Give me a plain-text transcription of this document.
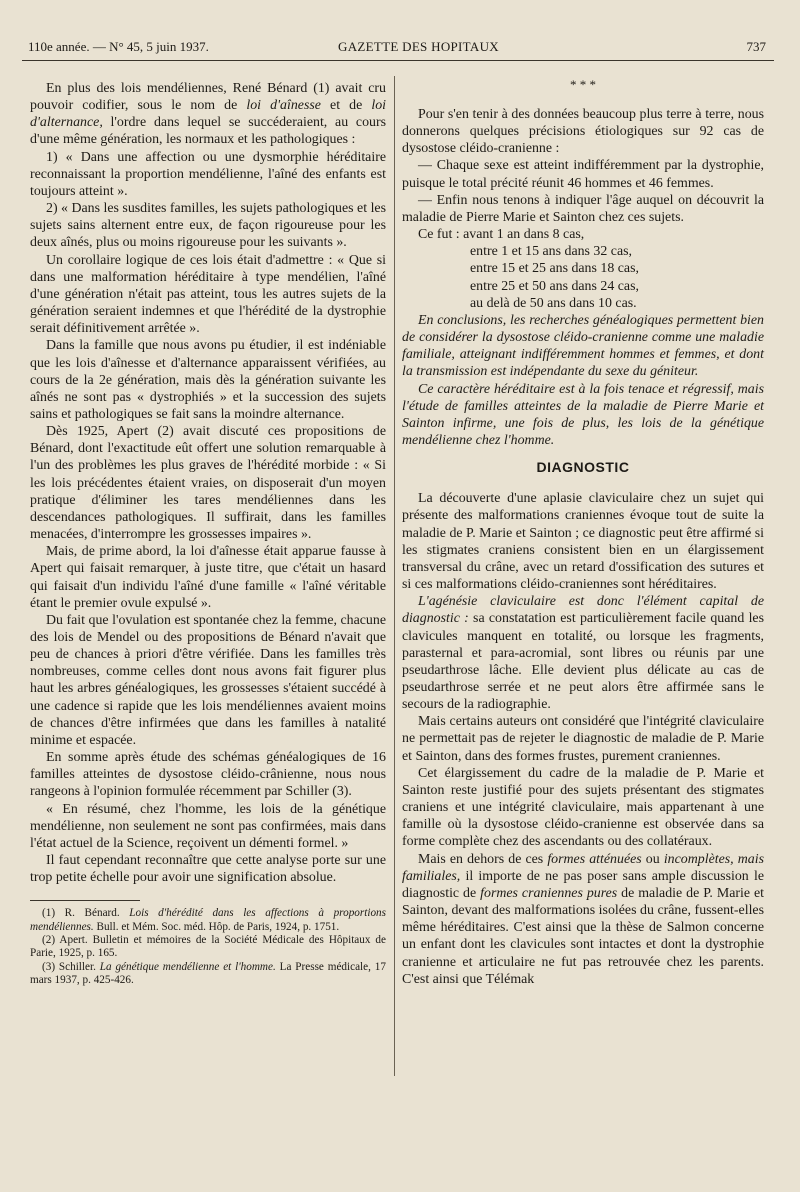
110e année. — N° 45, 5 juin 1937.	GAZETTE DES HOPITAUX	737

En plus des lois mendéliennes, René Bénard (1) avait cru pouvoir codifier, sous le nom de loi d'aînesse et de loi d'alternance, l'ordre dans lequel se succéderaient, au cours d'une même génération, les normaux et les pathologiques :

1) « Dans une affection ou une dysmorphie héréditaire reconnaissant la proportion mendélienne, l'aîné des enfants est toujours atteint ».

2) « Dans les susdites familles, les sujets pathologiques et les sujets sains alternent entre eux, de façon rigoureuse pour les deux aînés, plus ou moins rigoureuse pour les suivants ».

Un corollaire logique de ces lois était d'admettre : « Que si dans une malformation héréditaire à type mendélien, l'aîné d'une génération n'était pas atteint, tous les autres sujets de la génération seraient indemnes et que l'hérédité de la dystrophie serait définitivement arrêtée ».

Dans la famille que nous avons pu étudier, il est indéniable que les lois d'aînesse et d'alternance apparaissent vérifiées, au cours de la 2e génération, mais dès la génération suivante les aînés ne sont pas « dystrophiés » et la succession des sujets sains et pathologiques se fait sans la moindre alternance.

Dès 1925, Apert (2) avait discuté ces propositions de Bénard, dont l'exactitude eût offert une solution remarquable à l'un des problèmes les plus graves de l'hérédité morbide : « Si les lois précédentes étaient vraies, on disposerait d'un moyen pratique d'éliminer les tares mendéliennes dans les descendances pathologiques. Il suffirait, dans les familles menacées, d'interrompre les grossesses impaires ».

Mais, de prime abord, la loi d'aînesse était apparue fausse à Apert qui faisait remarquer, à juste titre, que c'était un hasard qui faisait d'un individu l'aîné d'une famille « l'aîné véritable étant le premier ovule expulsé ».

Du fait que l'ovulation est spontanée chez la femme, chacune des lois de Mendel ou des propositions de Bénard n'avait que peu de chances à priori d'être vérifiée. Dans les familles très nombreuses, comme celles dont nous avons fait figurer plus haut les arbres généalogiques, les grossesses s'étaient succédé à une cadence si rapide que les lois mendéliennes avaient moins de chances d'être infirmées que dans les familles à natalité minime et espacée.

En somme après étude des schémas généalogiques de 16 familles atteintes de dysostose cléido-crânienne, nous nous rangeons à l'opinion formulée récemment par Schiller (3).

« En résumé, chez l'homme, les lois de la génétique mendélienne, non seulement ne sont pas confirmées, mais dans l'état actuel de la Science, reçoivent un démenti formel. »

Il faut cependant reconnaître que cette analyse porte sur une trop petite échelle pour avoir une signification absolue.

(1) R. Bénard. Lois d'hérédité dans les affections à proportions mendéliennes. Bull. et Mém. Soc. méd. Hôp. de Paris, 1924, p. 1751.

(2) Apert. Bulletin et mémoires de la Société Médicale des Hôpitaux de Parie, 1925, p. 165.

(3) Schiller. La génétique mendélienne et l'homme. La Presse médicale, 17 mars 1937, p. 425-426.

* * *

Pour s'en tenir à des données beaucoup plus terre à terre, nous donnerons quelques précisions étiologiques sur 92 cas de dysostose cléido-cranienne :

— Chaque sexe est atteint indifféremment par la dystrophie, puisque le total précité réunit 46 hommes et 46 femmes.

— Enfin nous tenons à indiquer l'âge auquel on découvrit la maladie de Pierre Marie et Sainton chez ces sujets.

Ce fut : avant 1 an dans 8 cas,
entre 1 et 15 ans dans 32 cas,
entre 15 et 25 ans dans 18 cas,
entre 25 et 50 ans dans 24 cas,
au delà de 50 ans dans 10 cas.

En conclusions, les recherches généalogiques permettent bien de considérer la dysostose cléido-cranienne comme une maladie familiale, atteignant indifféremment hommes et femmes, et dont la transmission est indépendante du sexe du géniteur.

Ce caractère héréditaire est à la fois tenace et régressif, mais l'étude de familles atteintes de la maladie de Pierre Marie et Sainton infirme, une fois de plus, les lois de la génétique mendélienne chez l'homme.

DIAGNOSTIC

La découverte d'une aplasie claviculaire chez un sujet qui présente des malformations craniennes évoque tout de suite la maladie de P. Marie et Sainton ; ce diagnostic peut être affirmé si les stigmates craniens consistent bien en un élargissement transversal du crâne, avec un retard d'ossification des sutures et si ces malformations cléido-craniennes sont héréditaires.

L'agénésie claviculaire est donc l'élément capital de diagnostic : sa constatation est particulièrement facile quand les clavicules manquent en totalité, ou lorsque les fragments, parasternal et para-acromial, sont libres ou réunis par une pseudarthrose lâche. Elle devient plus délicate au cas de pseudarthrose serrée et ne peut alors être affirmée sans le secours de la radiographie.

Mais certains auteurs ont considéré que l'intégrité claviculaire ne permettait pas de rejeter le diagnostic de maladie de P. Marie et Sainton, dans des formes frustes, purement craniennes.

Cet élargissement du cadre de la maladie de P. Marie et Sainton reste justifié pour des sujets présentant des stigmates craniens et une intégrité claviculaire, mais appartenant à une famille où la dysostose cléido-cranienne est observée dans sa forme complète chez des ascendants ou des collatéraux.

Mais en dehors de ces formes atténuées ou incomplètes, mais familiales, il importe de ne pas poser sans ample discussion le diagnostic de formes craniennes pures de maladie de P. Marie et Sainton, devant des malformations isolées du crâne, fussent-elles même héréditaires. C'est ainsi que la thèse de Salmon concerne un enfant dont les clavicules sont intactes et dont la dystrophie cranienne et articulaire ne fut pas retrouvée chez les parents. C'est ainsi que Télémak
